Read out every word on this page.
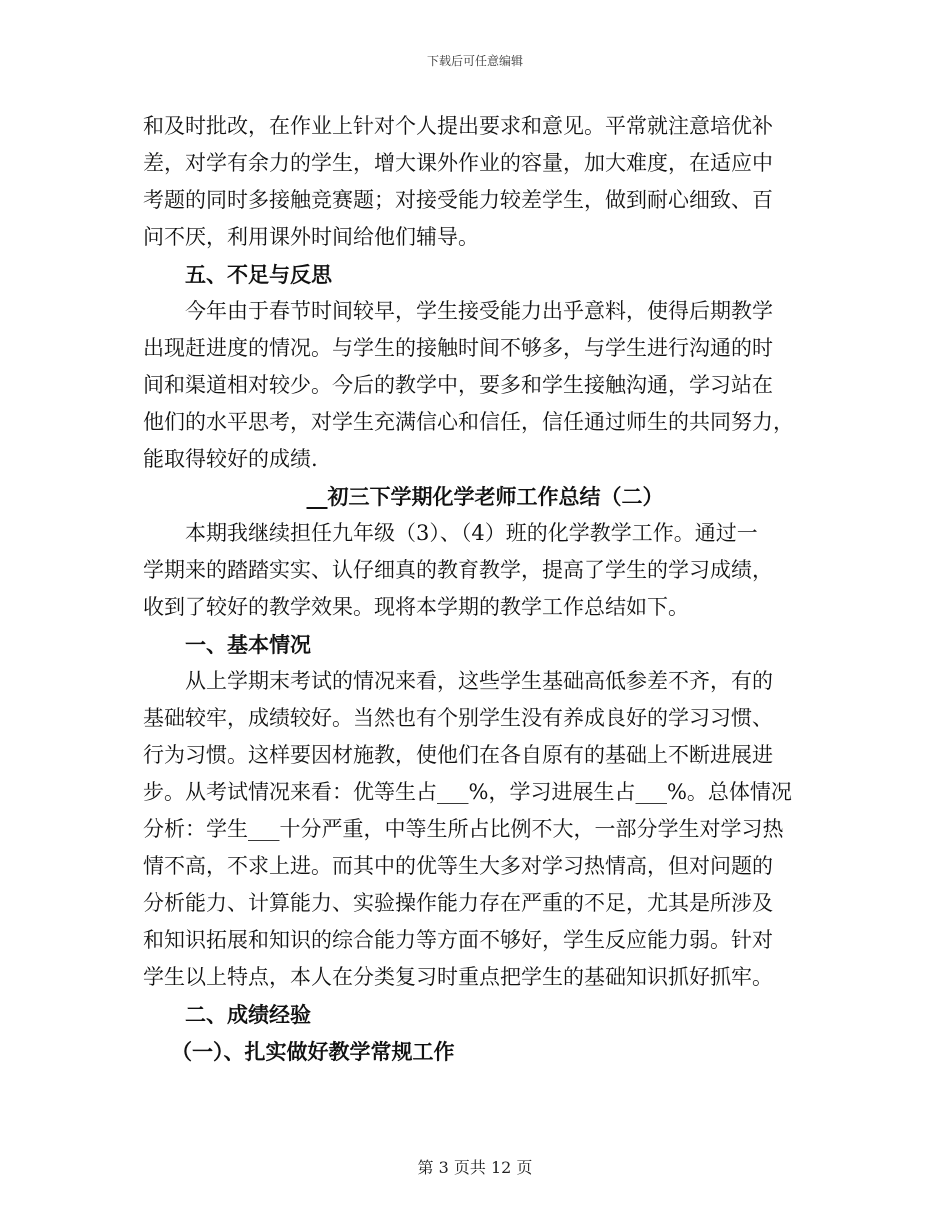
下载后可任意编辑
和及时批改，在作业上针对个人提出要求和意见。平常就注意培优补
差，对学有余力的学生，增大课外作业的容量，加大难度，在适应中
考题的同时多接触竞赛题；对接受能力较差学生，做到耐心细致、百
问不厌，利用课外时间给他们辅导。
五、不足与反思
今年由于春节时间较早，学生接受能力出乎意料，使得后期教学
出现赶进度的情况。与学生的接触时间不够多，与学生进行沟通的时
间和渠道相对较少。今后的教学中，要多和学生接触沟通，学习站在
他们的水平思考，对学生充满信心和信任，信任通过师生的共同努力，
能取得较好的成绩.
__初三下学期化学老师工作总结（二）
本期我继续担任九年级（3）、（4）班的化学教学工作。通过一
学期来的踏踏实实、认仔细真的教育教学，提高了学生的学习成绩，
收到了较好的教学效果。现将本学期的教学工作总结如下。
一、基本情况
从上学期末考试的情况来看，这些学生基础高低参差不齐，有的
基础较牢，成绩较好。当然也有个别学生没有养成良好的学习习惯、
行为习惯。这样要因材施教，使他们在各自原有的基础上不断进展进
步。从考试情况来看：优等生占___%，学习进展生占___%。总体情况
分析：学生___十分严重，中等生所占比例不大，一部分学生对学习热
情不高，不求上进。而其中的优等生大多对学习热情高，但对问题的
分析能力、计算能力、实验操作能力存在严重的不足，尤其是所涉及
和知识拓展和知识的综合能力等方面不够好，学生反应能力弱。针对
学生以上特点，本人在分类复习时重点把学生的基础知识抓好抓牢。
二、成绩经验
（一）、扎实做好教学常规工作
第 3 页共 12 页
